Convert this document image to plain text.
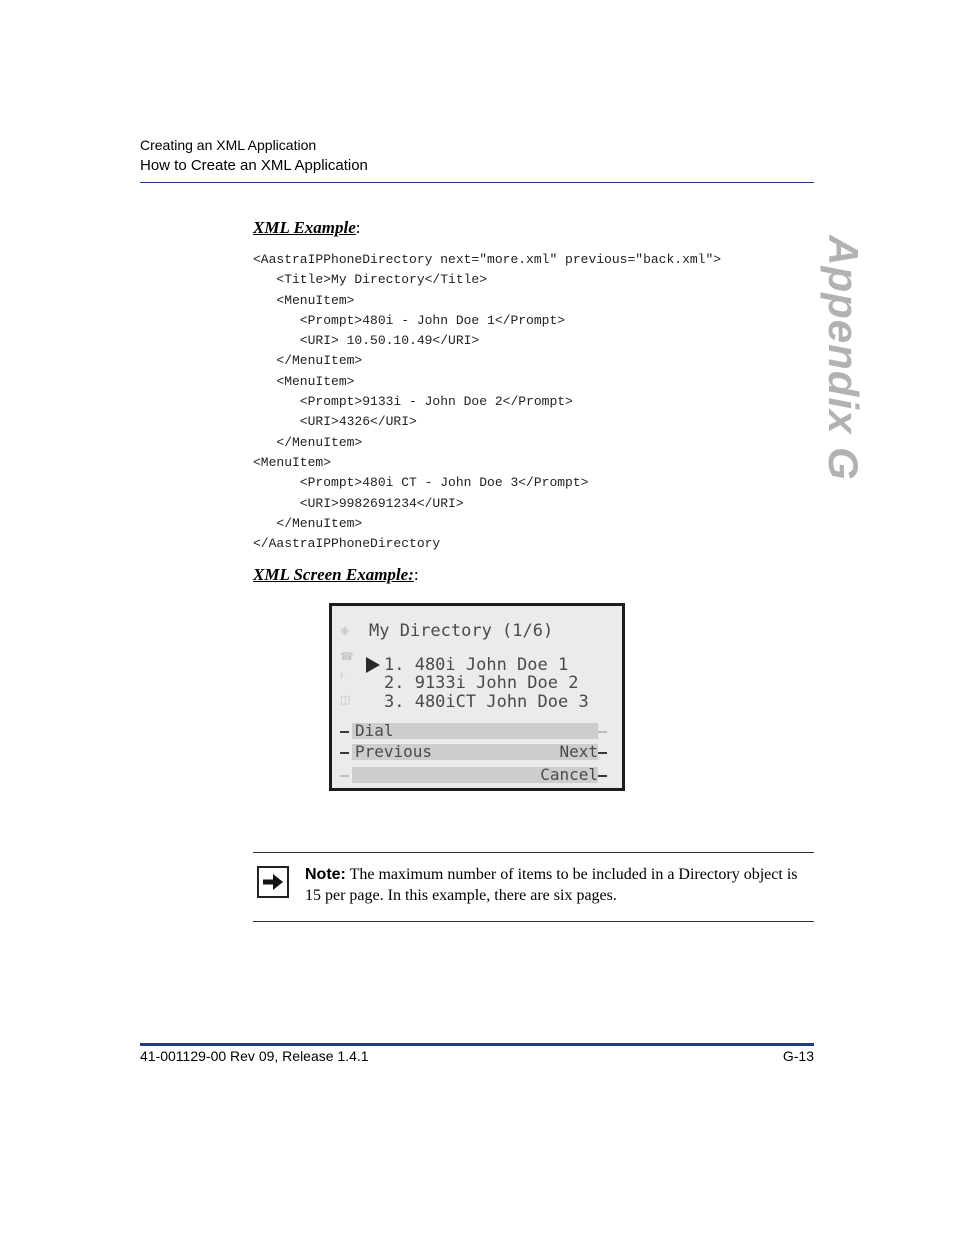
Creating an XML Application
How to Create an XML Application
Appendix G
XML Example:
<AastraIPPhoneDirectory next="more.xml" previous="back.xml">
<Title>My Directory</Title>
<MenuItem>
<Prompt>480i - John Doe 1</Prompt>
<URI> 10.50.10.49</URI>
</MenuItem>
<MenuItem>
<Prompt>9133i - John Doe 2</Prompt>
<URI>4326</URI>
</MenuItem>
<MenuItem>
<Prompt>480i CT - John Doe 3</Prompt>
<URI>9982691234</URI>
</MenuItem>
</AastraIPPhoneDirectory
XML Screen Example::
❋
☎
⊦
◫
My Directory (1/6)
1. 480i John Doe 1
2. 9133i John Doe 2
3. 480iCT John Doe 3
Dial
Previous	Next
Cancel
Note: The maximum number of items to be included in a Directory object is 15 per page. In this example, there are six pages.
41-001129-00 Rev 09, Release 1.4.1	G-13
